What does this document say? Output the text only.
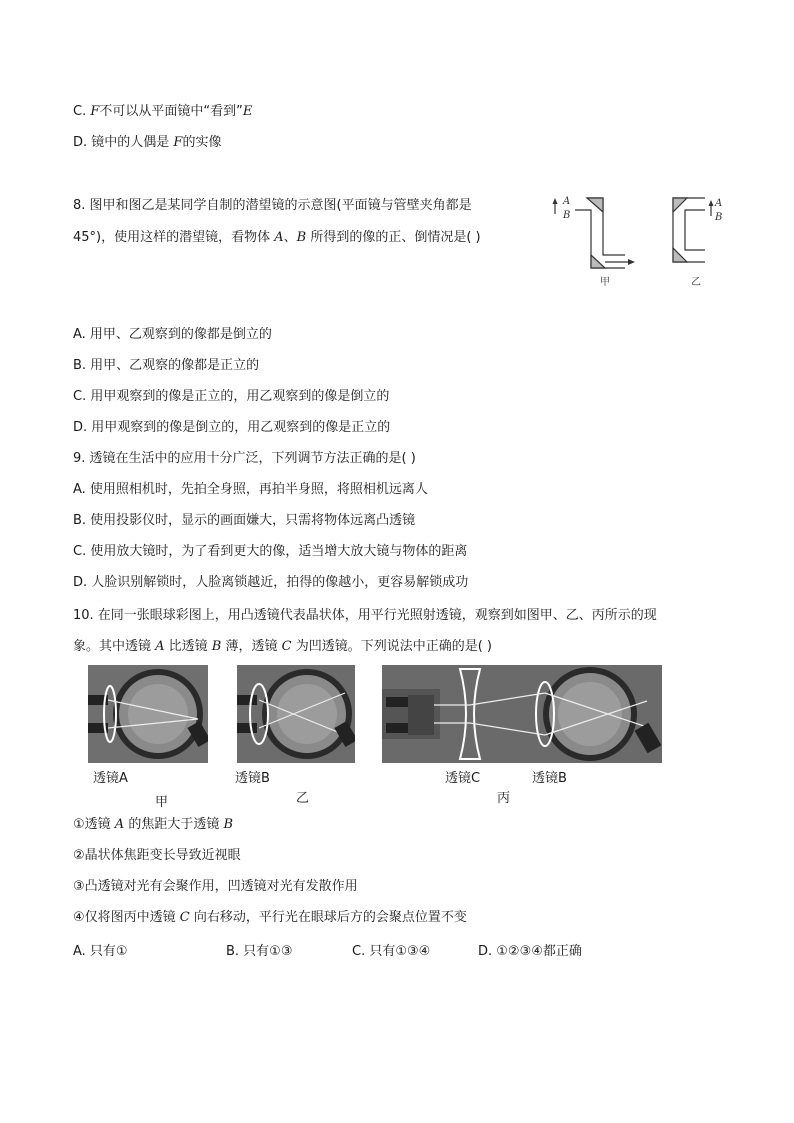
C. F不可以从平面镜中“看到”E
D. 镜中的人偶是 F的实像
8. 图甲和图乙是某同学自制的潜望镜的示意图(平面镜与管壁夹角都是
45°)，使用这样的潜望镜，看物体 A、B 所得到的像的正、倒情况是( )
A
B
甲
A
B
乙
A. 用甲、乙观察到的像都是倒立的
B. 用甲、乙观察的像都是正立的
C. 用甲观察到的像是正立的，用乙观察到的像是倒立的
D. 用甲观察到的像是倒立的，用乙观察到的像是正立的
9. 透镜在生活中的应用十分广泛，下列调节方法正确的是( )
A. 使用照相机时，先拍全身照，再拍半身照，将照相机远离人
B. 使用投影仪时，显示的画面嫌大，只需将物体远离凸透镜
C. 使用放大镜时，为了看到更大的像，适当增大放大镜与物体的距离
D. 人脸识别解锁时，人脸离锁越近，拍得的像越小，更容易解锁成功
10. 在同一张眼球彩图上，用凸透镜代表晶状体，用平行光照射透镜，观察到如图甲、乙、丙所示的现
象。其中透镜 A 比透镜 B 薄，透镜 C 为凹透镜。下列说法中正确的是( )
透镜A	透镜B	透镜C	透镜B
甲	乙	丙
①透镜 A 的焦距大于透镜 B
②晶状体焦距变长导致近视眼
③凸透镜对光有会聚作用，凹透镜对光有发散作用
④仅将图丙中透镜 C 向右移动，平行光在眼球后方的会聚点位置不变
A. 只有①	B. 只有①③	C. 只有①③④	D. ①②③④都正确
